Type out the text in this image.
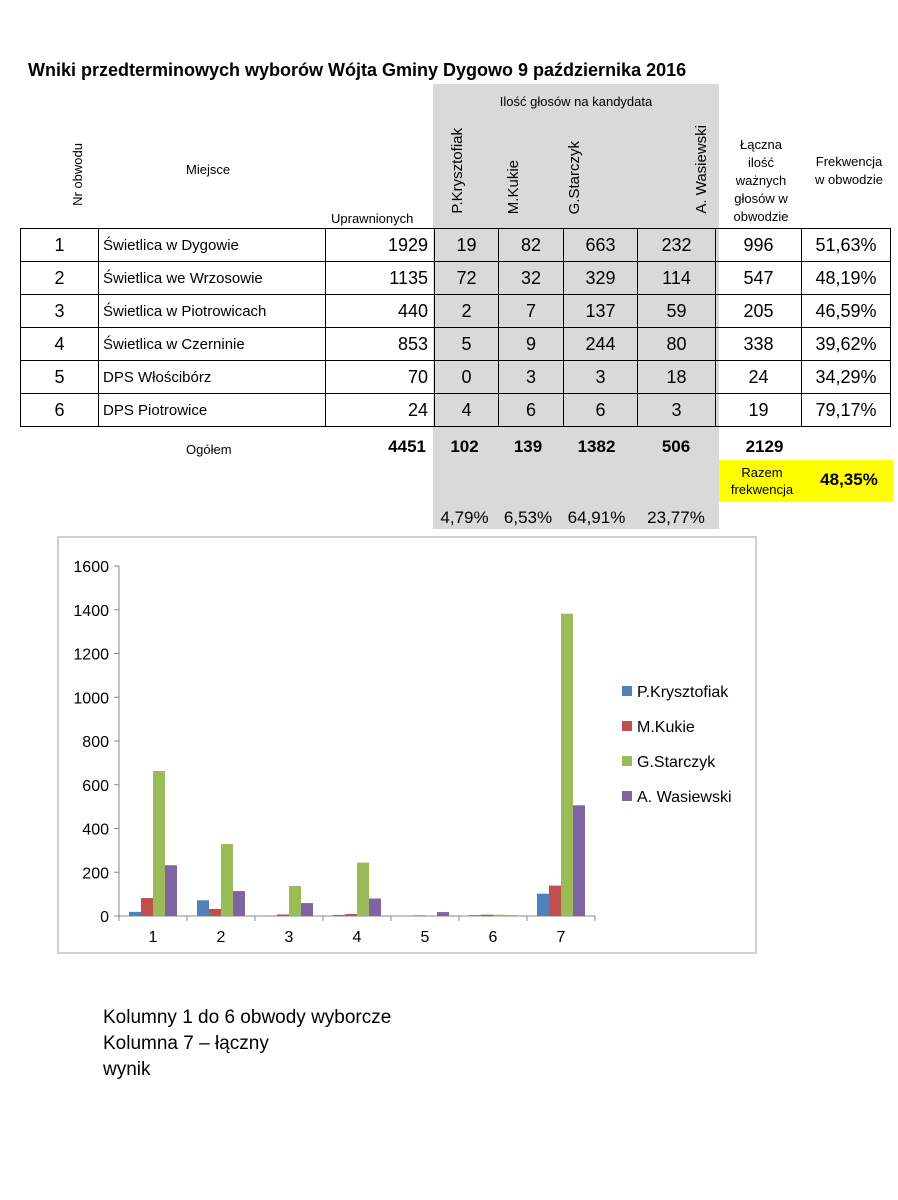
Wniki przedterminowych wyborów Wójta Gminy Dygowo 9 października 2016
Ilość głosów na kandydata
Nr obwodu	Miejsce
Uprawnionych
P.Krysztofiak	M.Kukie	G.Starczyk	A. Wasiewski	Łączna
ilość
ważnych
głosów w
obwodzie
Frekwencja
w obwodzie
1	Świetlica w Dygowie	1929	19	82	663	232	996	51,63%
2	Świetlica we Wrzosowie	1135	72	32	329	114	547	48,19%
3	Świetlica w Piotrowicach	440	2	7	137	59	205	46,59%
4	Świetlica w Czerninie	853	5	9	244	80	338	39,62%
5	DPS Włościbórz	70	0	3	3	18	24	34,29%
6	DPS Piotrowice	24	4	6	6	3	19	79,17%
Ogółem	4451	102	139	1382	506	2129
Razem
frekwencja
48,35%
4,79% 6,53% 64,91%	23,77%
0
200
400
600
800
1000
1200
1400
1600
1	2	3	4	5	6	7
P.Krysztofiak
M.Kukie
G.Starczyk
A. Wasiewski
Kolumny 1 do 6 obwody wyborcze
Kolumna 7 – łączny
wynik
